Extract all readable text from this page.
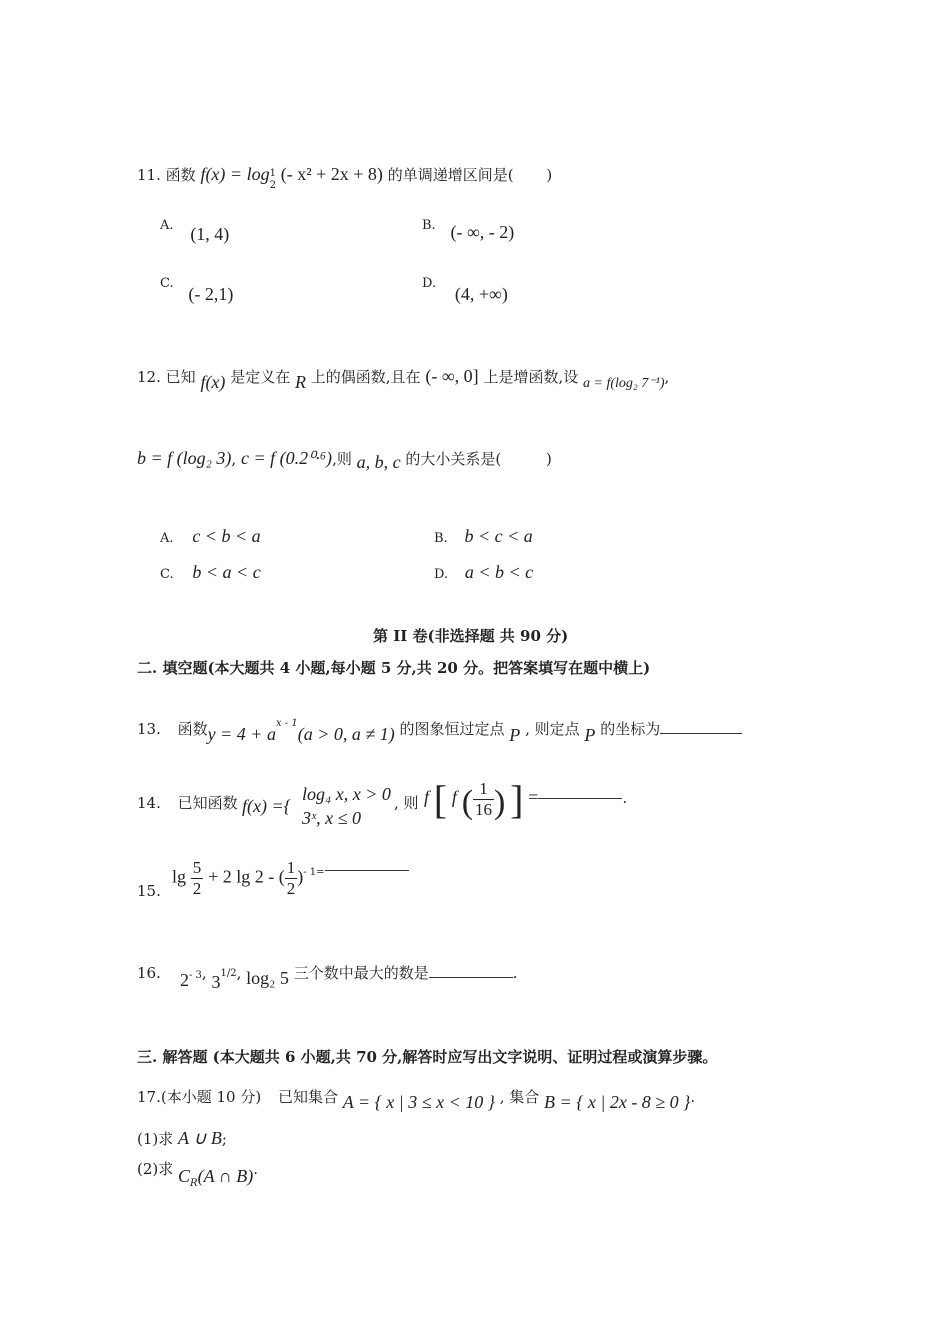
11. 函数 f(x) = log 1
2
(- x² + 2x + 8) 的单调递增区间是( )
A. (1, 4)	B. (- ∞, - 2)
C. (- 2,1)
D. (4, +∞)
12. 已知 f(x) 是定义在 R 上的偶函数,且在 (- ∞, 0] 上是增函数,设 a = f(log₂ 7⁻¹),
b = f (log₂ 3), c = f (0.2⁰·⁶),则 a, b, c 的大小关系是(	)
A. c < b < a	B. b < c < a
C. b < a < c	D. a < b < c
第 II 卷(非选择题 共 90 分)
二. 填空题(本大题共 4 小题,每小题 5 分,共 20 分。把答案填写在题中横上)
13. 函数$y = 4 + a^{x - 1}(a > 0$, a ≠ 1) 的图象恒过定点 P , 则定点 P 的坐标为
14. 已知函数 f(x) ={
log₄ x, x > 0
3ˣ, x ≤ 0
, 则 f [ f ( $\frac{1}{16}$ ) ] =	.
15.
$\lg \frac{5}{2} + 2$ lg 2 - ( $\frac{1}{2} )^{- 1=}$
16. 2- 3, 31/2, log₂ 5 三个数中最大的数是	.
三. 解答题 (本大题共 6 小题,共 70 分,解答时应写出文字说明、证明过程或演算步骤。
17.(本小题 10 分) 已知集合 A = { x | 3 ≤ x < 10 } , 集合 B = { x | 2x - 8 ≥ 0 }.
(1)求 A ∪ B;
(2)求 $C_R(A$ ∩ B).
